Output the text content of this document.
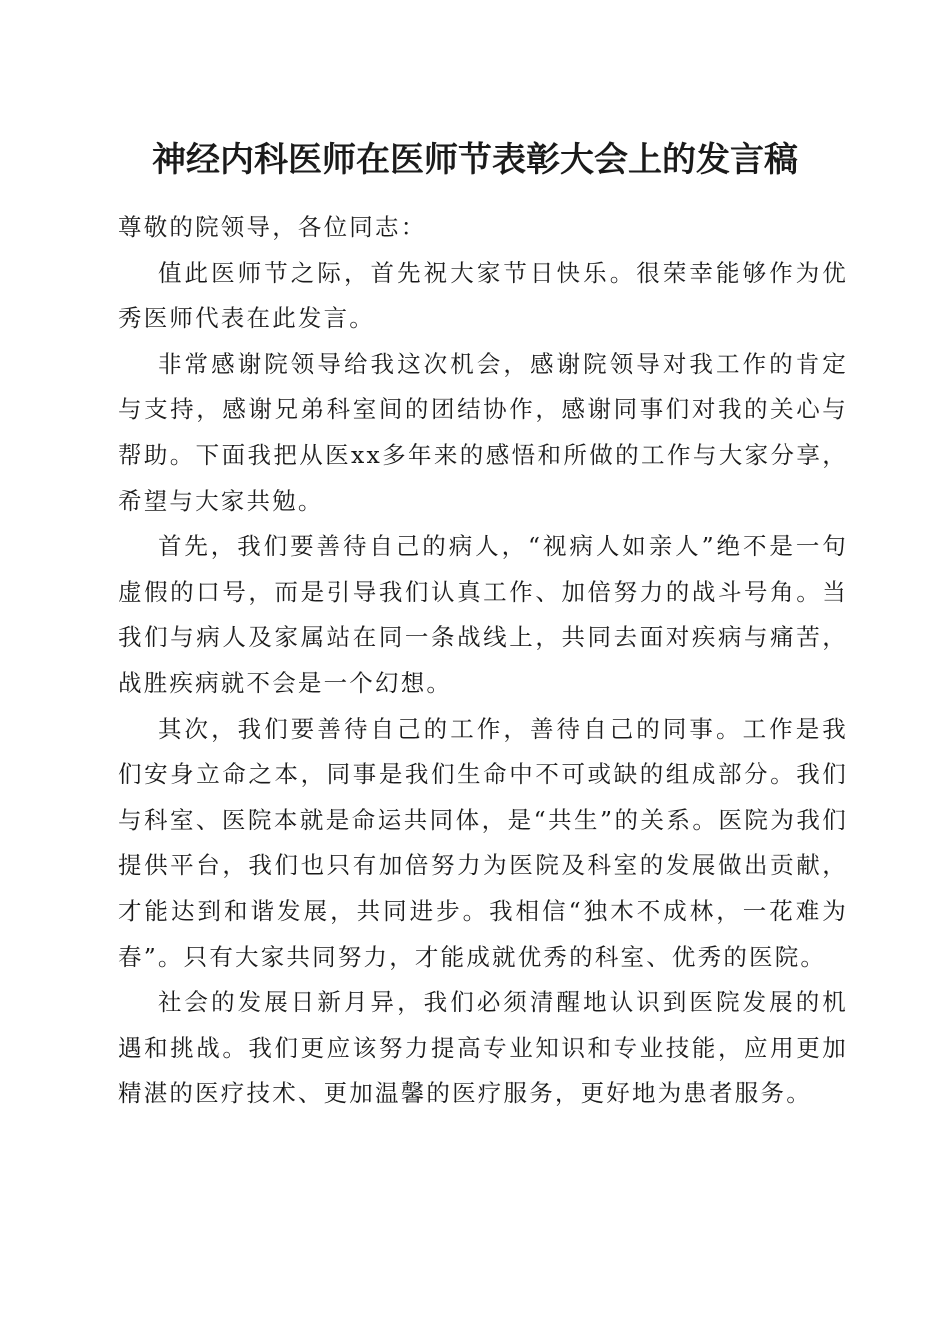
神经内科医师在医师节表彰大会上的发言稿

尊敬的院领导，各位同志：

值此医师节之际，首先祝大家节日快乐。很荣幸能够作为优秀医师代表在此发言。

非常感谢院领导给我这次机会，感谢院领导对我工作的肯定与支持，感谢兄弟科室间的团结协作，感谢同事们对我的关心与帮助。下面我把从医xx多年来的感悟和所做的工作与大家分享，希望与大家共勉。

首先，我们要善待自己的病人，“视病人如亲人”绝不是一句虚假的口号，而是引导我们认真工作、加倍努力的战斗号角。当我们与病人及家属站在同一条战线上，共同去面对疾病与痛苦，战胜疾病就不会是一个幻想。

其次，我们要善待自己的工作，善待自己的同事。工作是我们安身立命之本，同事是我们生命中不可或缺的组成部分。我们与科室、医院本就是命运共同体，是“共生”的关系。医院为我们提供平台，我们也只有加倍努力为医院及科室的发展做出贡献，才能达到和谐发展，共同进步。我相信“独木不成林，一花难为春”。只有大家共同努力，才能成就优秀的科室、优秀的医院。

社会的发展日新月异，我们必须清醒地认识到医院发展的机遇和挑战。我们更应该努力提高专业知识和专业技能，应用更加精湛的医疗技术、更加温馨的医疗服务，更好地为患者服务。
